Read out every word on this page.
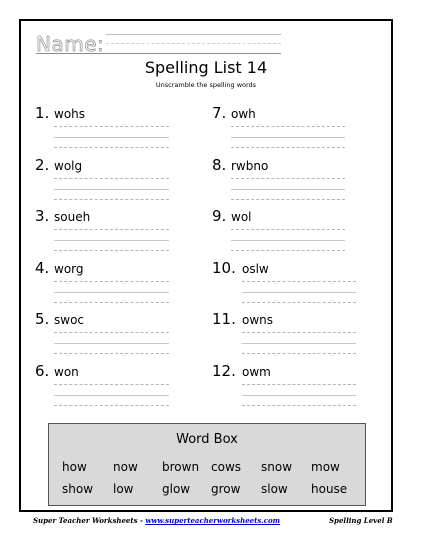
Name:
Spelling List 14
Unscramble the spelling words
1. wohs
2. wolg
3. soueh
4. worg
5. swoc
6. won
7. owh
8. rwbno
9. wol
10. oslw
11. owns
12. owm
Word Box
how now brown cows snow mow
show low glow grow slow house
Super Teacher Worksheets - www.superteacherworksheets.com	Spelling Level B
